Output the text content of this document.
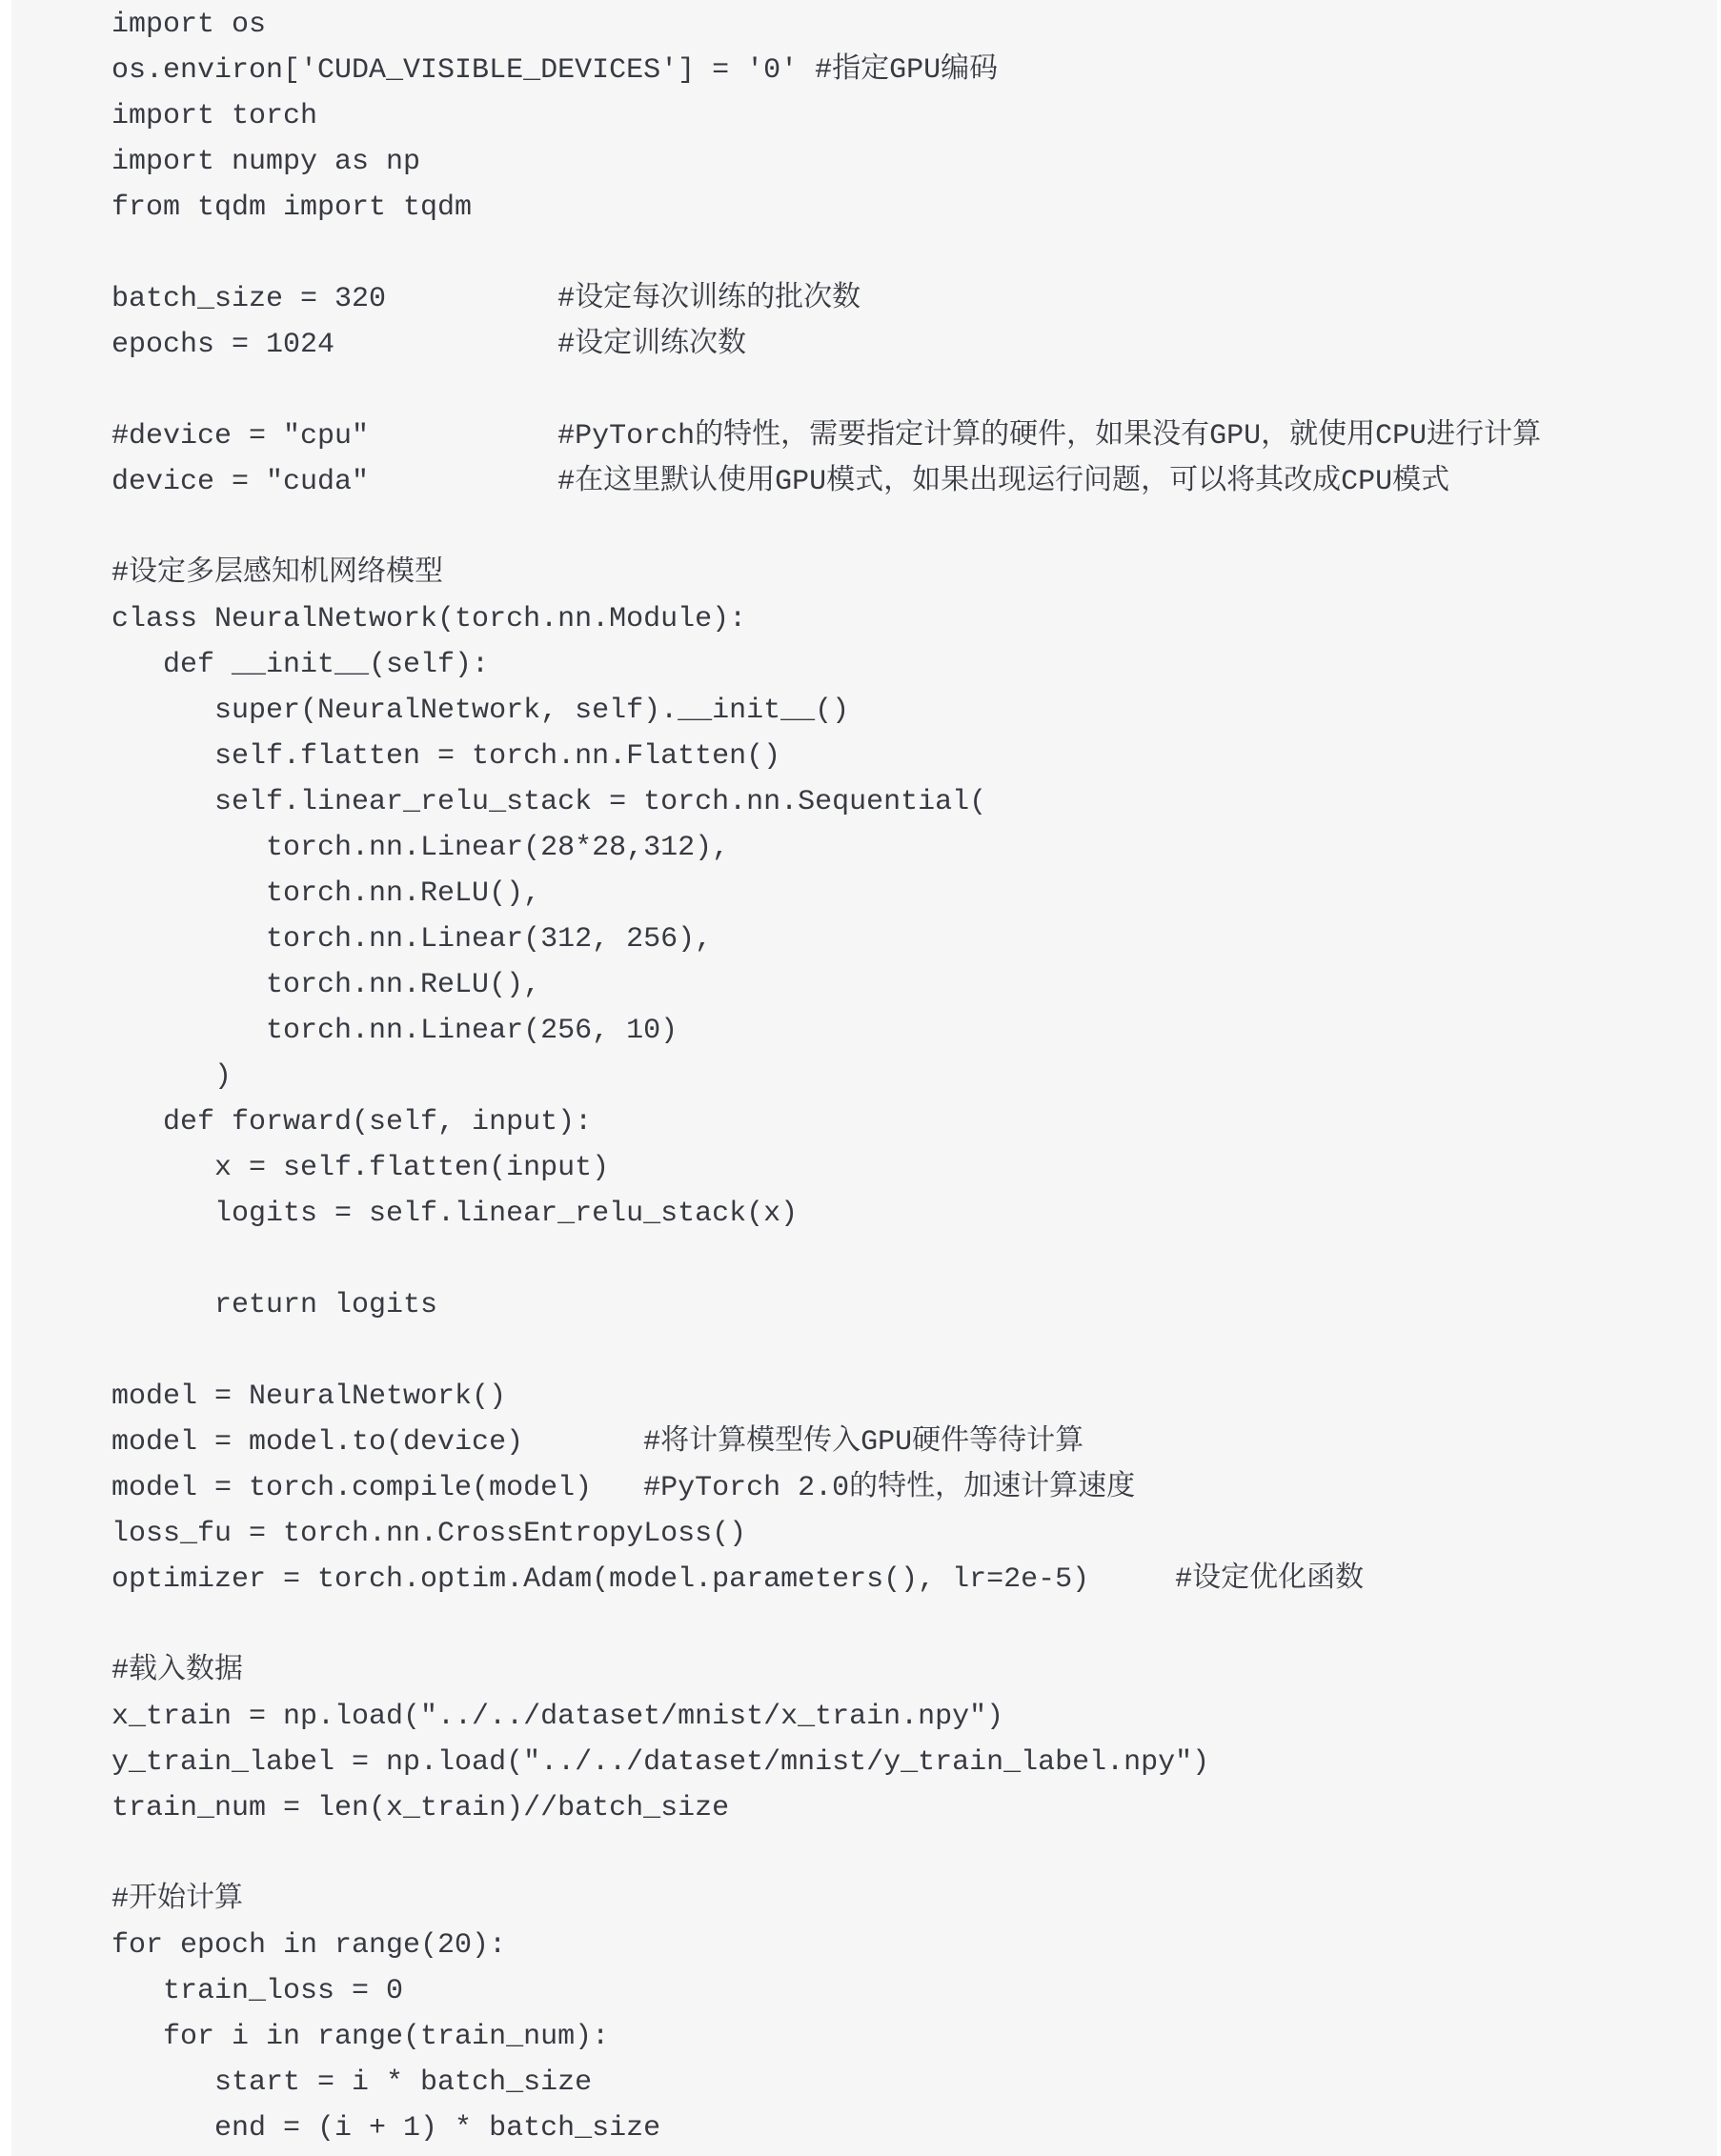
import os
os.environ['CUDA_VISIBLE_DEVICES'] = '0' #指定GPU编码
import torch
import numpy as np
from tqdm import tqdm
batch_size = 320          #设定每次训练的批次数
epochs = 1024             #设定训练次数
#device = "cpu"           #PyTorch的特性，需要指定计算的硬件，如果没有GPU，就使用CPU进行计算
device = "cuda"           #在这里默认使用GPU模式，如果出现运行问题，可以将其改成CPU模式
#设定多层感知机网络模型
class NeuralNetwork(torch.nn.Module):
def __init__(self):
super(NeuralNetwork, self).__init__()
self.flatten = torch.nn.Flatten()
self.linear_relu_stack = torch.nn.Sequential(
torch.nn.Linear(28*28,312),
torch.nn.ReLU(),
torch.nn.Linear(312, 256),
torch.nn.ReLU(),
torch.nn.Linear(256, 10)
)
def forward(self, input):
x = self.flatten(input)
logits = self.linear_relu_stack(x)
return logits
model = NeuralNetwork()
model = model.to(device)       #将计算模型传入GPU硬件等待计算
model = torch.compile(model)   #PyTorch 2.0的特性，加速计算速度
loss_fu = torch.nn.CrossEntropyLoss()
optimizer = torch.optim.Adam(model.parameters(), lr=2e-5)     #设定优化函数
#载入数据
x_train = np.load("../../dataset/mnist/x_train.npy")
y_train_label = np.load("../../dataset/mnist/y_train_label.npy")
train_num = len(x_train)//batch_size
#开始计算
for epoch in range(20):
train_loss = 0
for i in range(train_num):
start = i * batch_size
end = (i + 1) * batch_size
